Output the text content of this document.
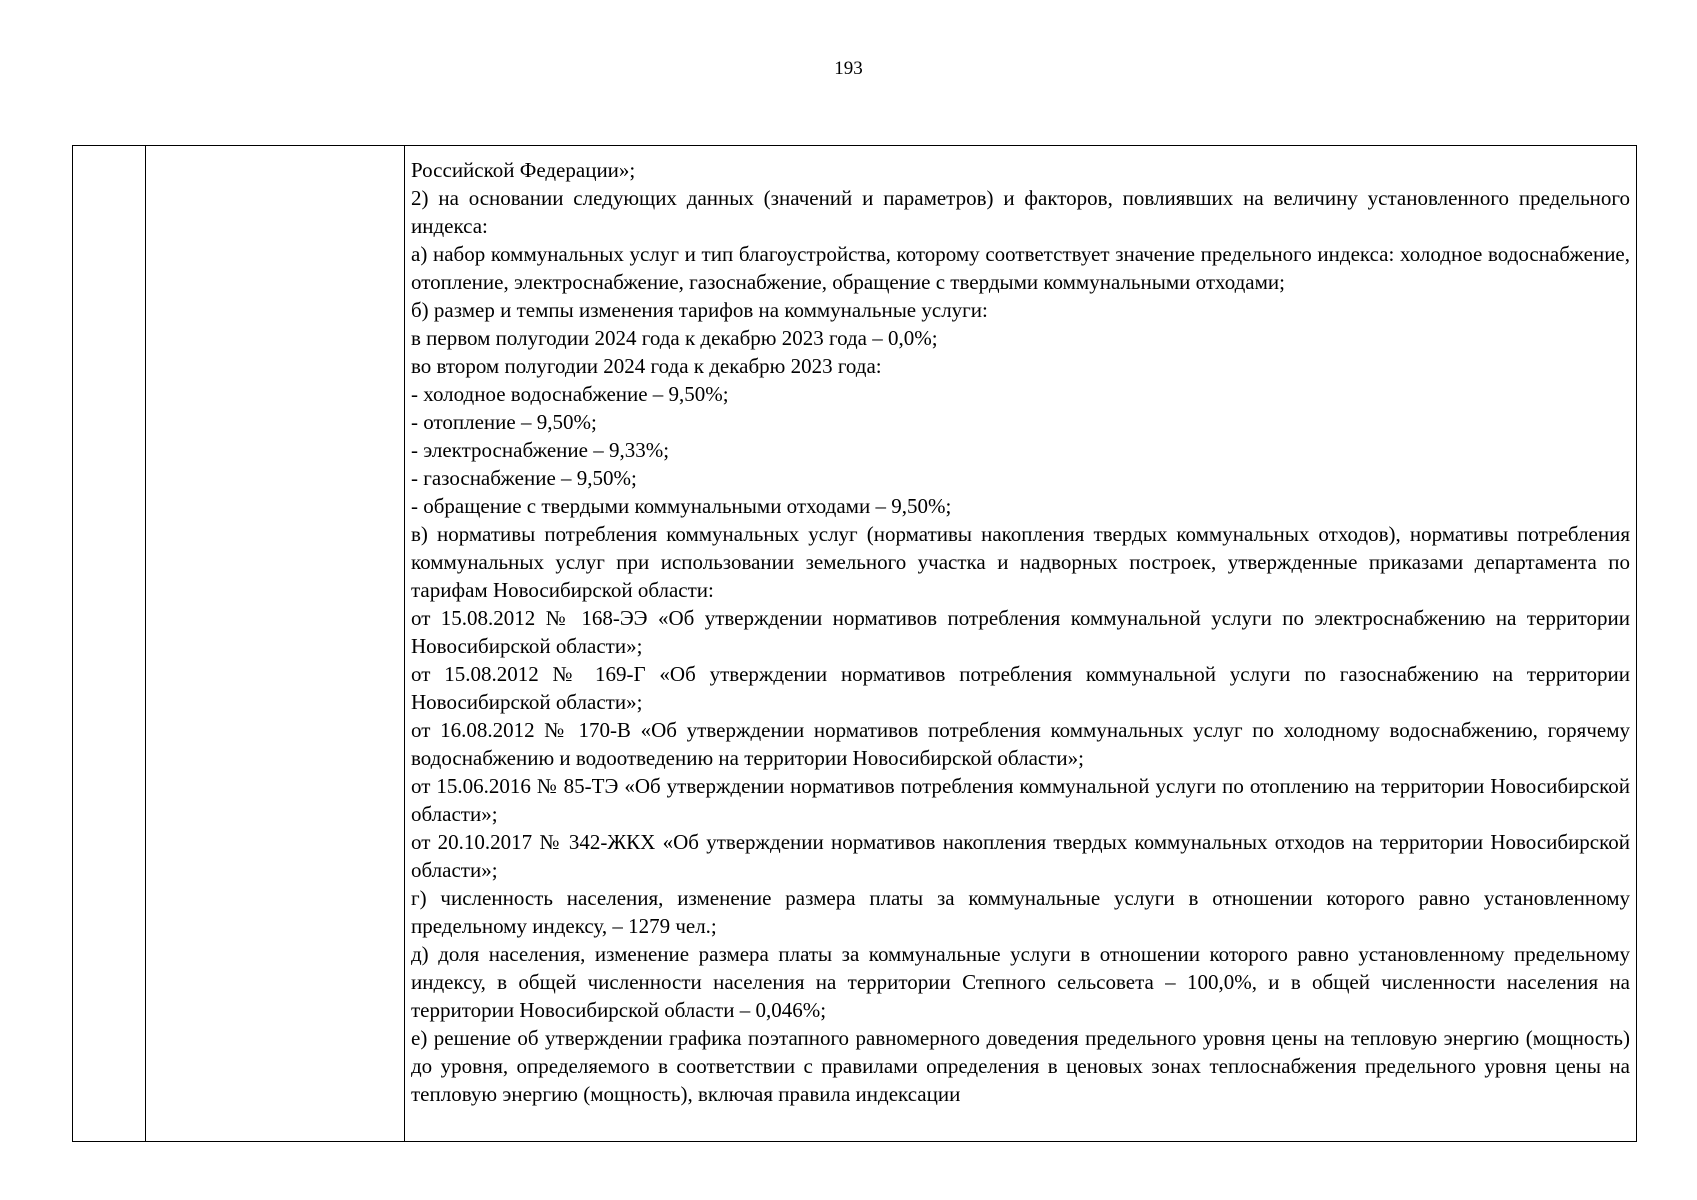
193

Российской Федерации»;

2) на основании следующих данных (значений и параметров) и факторов, повлиявших на величину установленного предельного индекса:

а) набор коммунальных услуг и тип благоустройства, которому соответствует значение предельного индекса: холодное водоснабжение, отопление, электроснабжение, газоснабжение, обращение с твердыми коммунальными отходами;

б) размер и темпы изменения тарифов на коммунальные услуги:

в первом полугодии 2024 года к декабрю 2023 года – 0,0%;

во втором полугодии 2024 года к декабрю 2023 года:

- холодное водоснабжение – 9,50%;

- отопление – 9,50%;

- электроснабжение – 9,33%;

- газоснабжение – 9,50%;

- обращение с твердыми коммунальными отходами – 9,50%;

в) нормативы потребления коммунальных услуг (нормативы накопления твердых коммунальных отходов), нормативы потребления коммунальных услуг при использовании земельного участка и надворных построек, утвержденные приказами департамента по тарифам Новосибирской области:

от 15.08.2012 № 168-ЭЭ «Об утверждении нормативов потребления коммунальной услуги по электроснабжению на территории Новосибирской области»;

от 15.08.2012 № 169-Г «Об утверждении нормативов потребления коммунальной услуги по газоснабжению на территории Новосибирской области»;

от 16.08.2012 № 170-В «Об утверждении нормативов потребления коммунальных услуг по холодному водоснабжению, горячему водоснабжению и водоотведению на территории Новосибирской области»;

от 15.06.2016 № 85-ТЭ «Об утверждении нормативов потребления коммунальной услуги по отоплению на территории Новосибирской области»;

от 20.10.2017 № 342-ЖКХ «Об утверждении нормативов накопления твердых коммунальных отходов на территории Новосибирской области»;

г) численность населения, изменение размера платы за коммунальные услуги в отношении которого равно установленному предельному индексу, – 1279 чел.;

д) доля населения, изменение размера платы за коммунальные услуги в отношении которого равно установленному предельному индексу, в общей численности населения на территории Степного сельсовета – 100,0%, и в общей численности населения на территории Новосибирской области – 0,046%;

е) решение об утверждении графика поэтапного равномерного доведения предельного уровня цены на тепловую энергию (мощность) до уровня, определяемого в соответствии с правилами определения в ценовых зонах теплоснабжения предельного уровня цены на тепловую энергию (мощность), включая правила индексации
